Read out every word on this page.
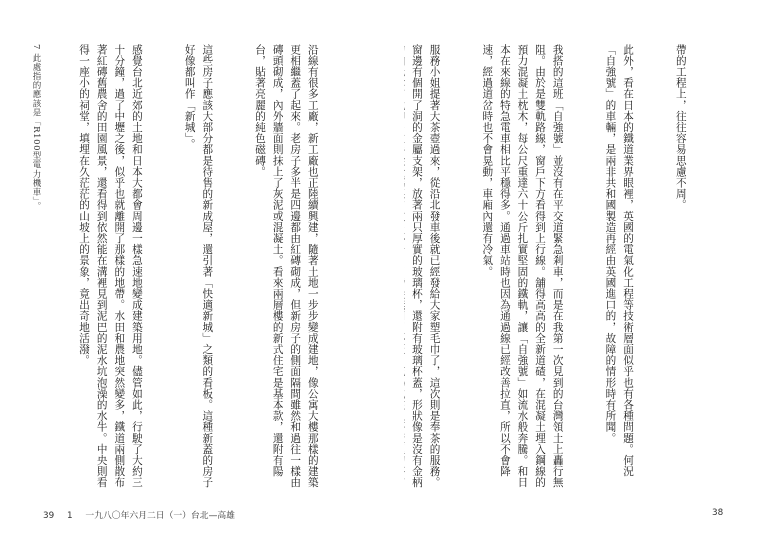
7 此處指的應該是「R100型電力機車」。

	沿線有很多工廠，新工廠也正陸續興建，隨著土地一步步變成建地，像公寓大樓那樣的建築更相繼蓋了起來。老房子多半是四邊都由紅磚砌成，但新房子的側面隔間雖然和過往一樣由磚頭砌成，內外牆面則抹上了灰泥或混凝土。看來兩層樓的新式住宅是基本款，還附有陽台，貼著亮麗的純色磁磚。

這些房子應該大部分都是待售的新成屋，還引著「快適新城」之類的看板。這種新蓋的房子好像都叫作「新城」。

感覺台北近郊的土地和日本大都會周邊一樣急速地變成建築用地。儘管如此，行駛了大約三十分鐘，過了中壢之後，似乎也就離開了那樣的地帶。水田和農地突然變多，鐵道兩側散布著紅磚舊農舍的田園風景，還看得到依然能在溝裡見到泥巴的泥水坑泡澡的水牛。中央則看得一座小的祠堂，填埋在久茫茫的山坡上的景象，竟出奇地活潑。

39 1 一九八〇年六月二日（一）台北—高雄

帶的工程上，往往容易思慮不周。

此外，看在日本的鐵道業界眼裡，英國的電氣化工程等技術層面似乎也有各種問題。何況「自強號」的車輛，是兩非共和國製造再經由英國進口的，故障的情形時有所聞。

我搭的這班「自強號」並沒有在平交道緊急剎車，而是在我第一次見到的台灣領土上轟行無阻。由於是雙軌路線，窗戶下方看得到上行線。舖得高高的全新道碴，在混凝土埋入鋼線的預力混凝土枕木，每公尺重達六十公斤扎實堅固的鐵軌，讓「自強號」如流水般奔騰。和日本在來線的特急電車相比平穩得多。通過車站時也因為通過線已經改善拉直，所以不會降速，經過道岔時也不會晃動，車廂內還有冷氣。

服務小姐提著大茶壺過來，從沿北發車後就已經發給大家塑毛巾了，這次則是奉茶的服務。窗邊有個開了洞的金屬支架，放著兩只厚實的玻璃杯，還附有玻璃杯蓋，形狀像是沒有金柄

38
